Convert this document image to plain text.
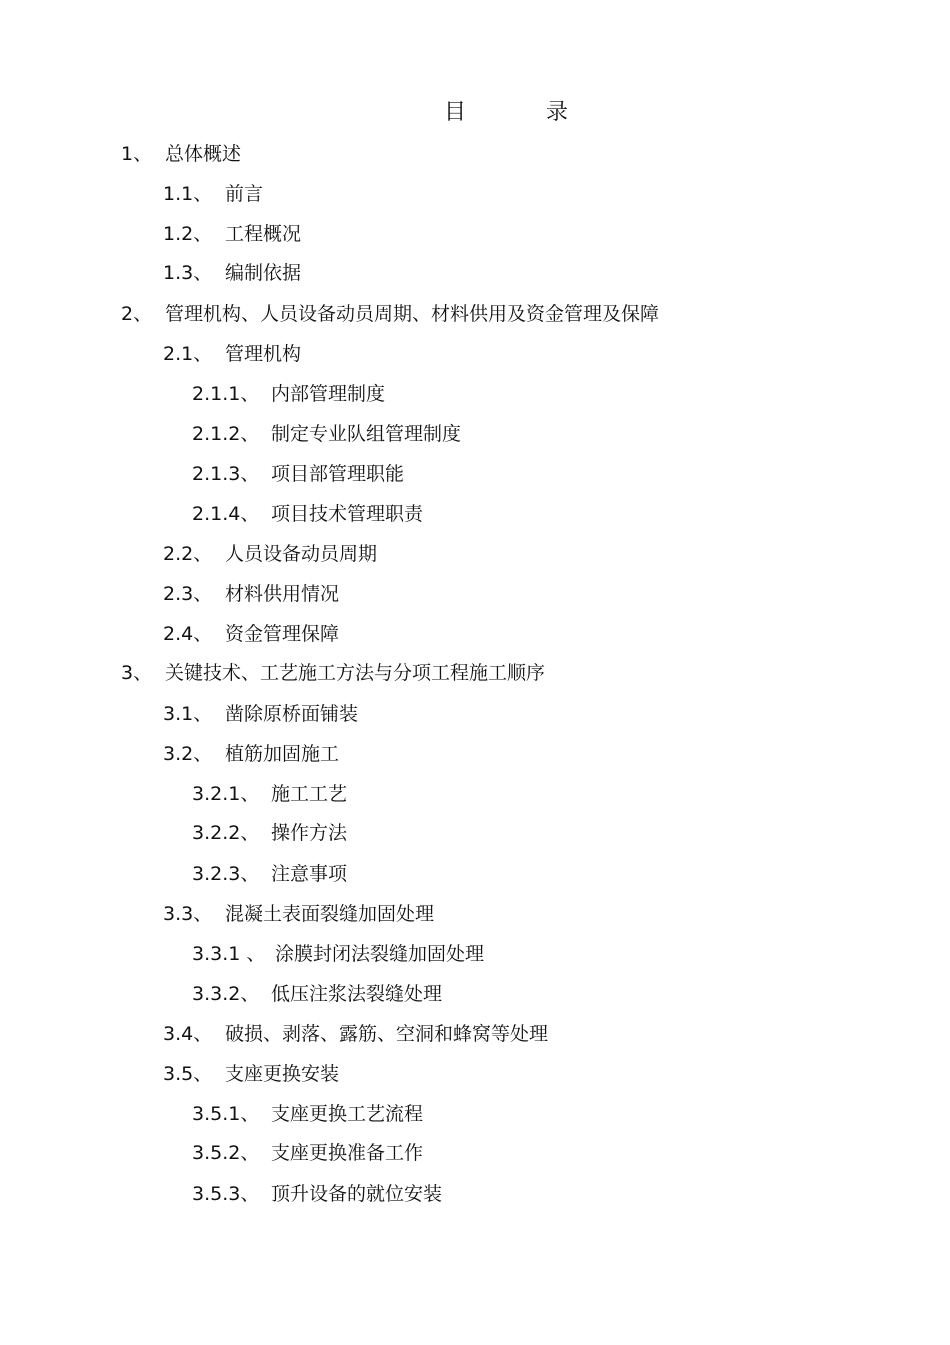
目	录
1、 总体概述
1.1、 前言
1.2、 工程概况
1.3、 编制依据
2、 管理机构、人员设备动员周期、材料供用及资金管理及保障
2.1、 管理机构
2.1.1、 内部管理制度
2.1.2、 制定专业队组管理制度
2.1.3、 项目部管理职能
2.1.4、 项目技术管理职责
2.2、 人员设备动员周期
2.3、 材料供用情况
2.4、 资金管理保障
3、 关键技术、工艺施工方法与分项工程施工顺序
3.1、 凿除原桥面铺装
3.2、 植筋加固施工
3.2.1、 施工工艺
3.2.2、 操作方法
3.2.3、 注意事项
3.3、 混凝土表面裂缝加固处理
3.3.1 、 涂膜封闭法裂缝加固处理
3.3.2、 低压注浆法裂缝处理
3.4、 破损、剥落、露筋、空洞和蜂窝等处理
3.5、 支座更换安装
3.5.1、 支座更换工艺流程
3.5.2、 支座更换准备工作
3.5.3、 顶升设备的就位安装
